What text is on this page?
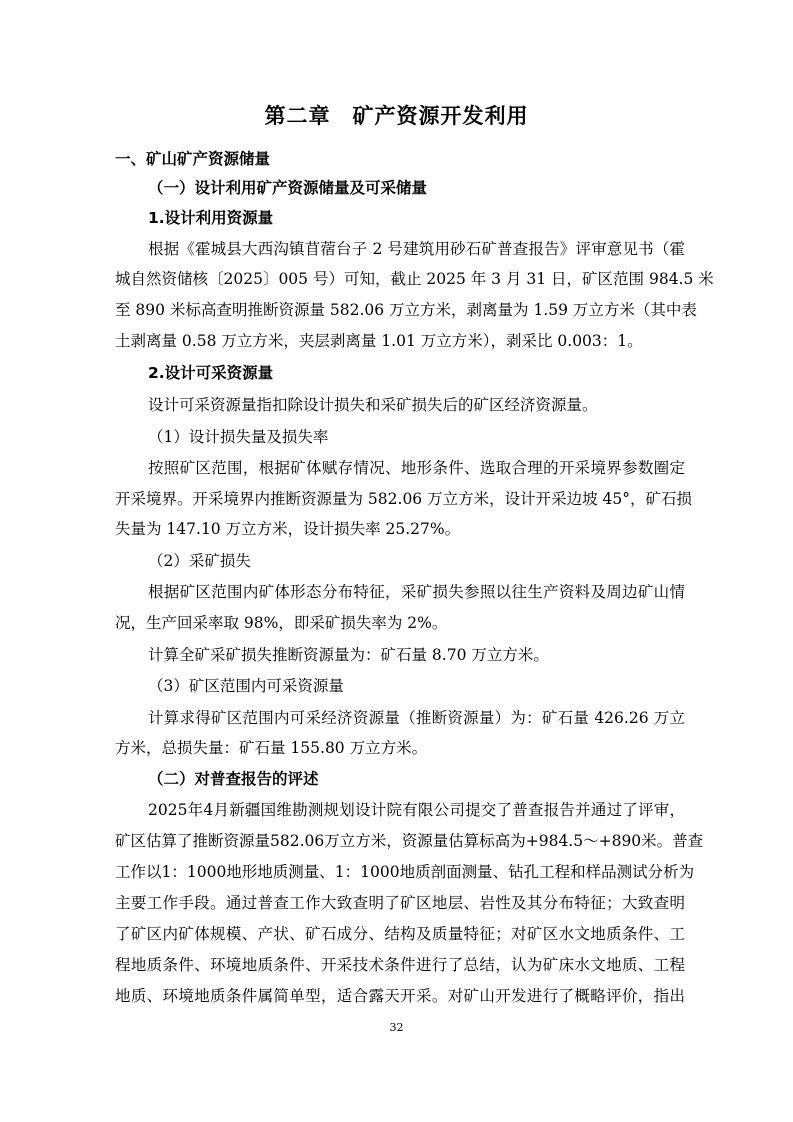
第二章　矿产资源开发利用
一、矿山矿产资源储量
（一）设计利用矿产资源储量及可采储量
1.设计利用资源量
根据《霍城县大西沟镇苜蓿台子 2 号建筑用砂石矿普查报告》评审意见书（霍
城自然资储核〔2025〕005 号）可知，截止 2025 年 3 月 31 日，矿区范围 984.5 米
至 890 米标高查明推断资源量 582.06 万立方米，剥离量为 1.59 万立方米（其中表
土剥离量 0.58 万立方米，夹层剥离量 1.01 万立方米），剥采比 0.003：1。
2.设计可采资源量
设计可采资源量指扣除设计损失和采矿损失后的矿区经济资源量。
（1）设计损失量及损失率
按照矿区范围，根据矿体赋存情况、地形条件、选取合理的开采境界参数圈定
开采境界。开采境界内推断资源量为 582.06 万立方米，设计开采边坡 45°，矿石损
失量为 147.10 万立方米，设计损失率 25.27%。
（2）采矿损失
根据矿区范围内矿体形态分布特征，采矿损失参照以往生产资料及周边矿山情
况，生产回采率取 98%，即采矿损失率为 2%。
计算全矿采矿损失推断资源量为：矿石量 8.70 万立方米。
（3）矿区范围内可采资源量
计算求得矿区范围内可采经济资源量（推断资源量）为：矿石量 426.26 万立
方米，总损失量：矿石量 155.80 万立方米。
（二）对普查报告的评述
2025年4月新疆国维勘测规划设计院有限公司提交了普查报告并通过了评审，
矿区估算了推断资源量582.06万立方米，资源量估算标高为+984.5～+890米。普查
工作以1：1000地形地质测量、1：1000地质剖面测量、钻孔工程和样品测试分析为
主要工作手段。通过普查工作大致查明了矿区地层、岩性及其分布特征；大致查明
了矿区内矿体规模、产状、矿石成分、结构及质量特征；对矿区水文地质条件、工
程地质条件、环境地质条件、开采技术条件进行了总结，认为矿床水文地质、工程
地质、环境地质条件属简单型，适合露天开采。对矿山开发进行了概略评价，指出
32
